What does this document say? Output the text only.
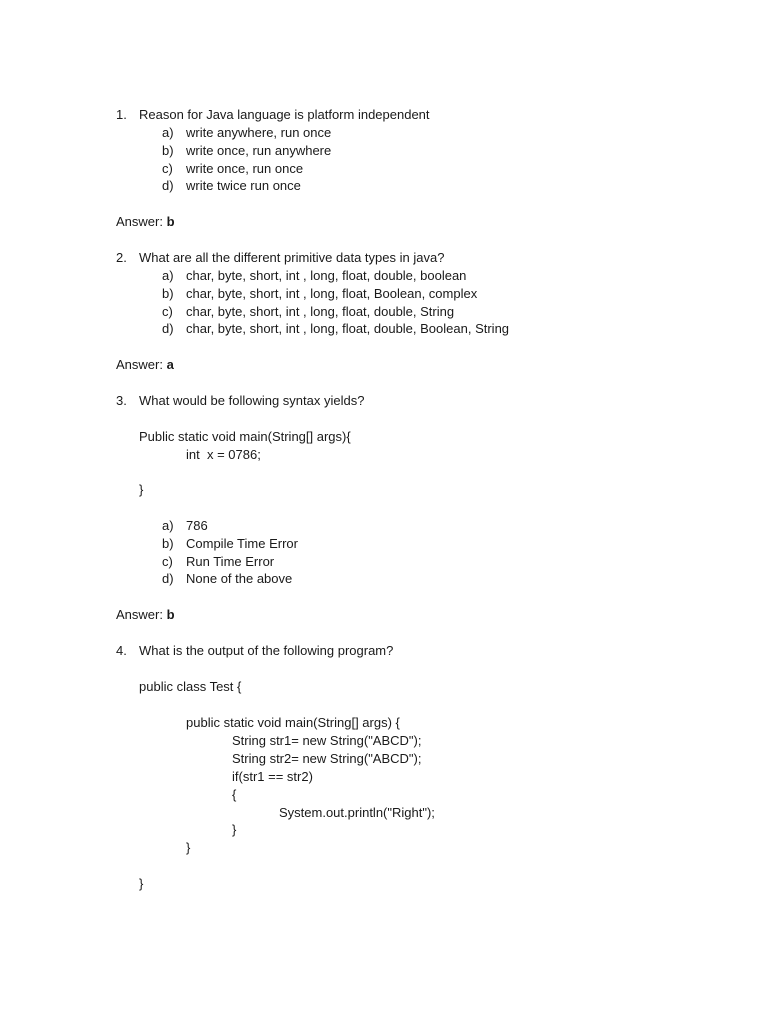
1. Reason for Java language is platform independent
a) write anywhere, run once
b) write once, run anywhere
c) write once, run once
d) write twice run once
Answer: b
2. What are all the different primitive data types in java?
a) char, byte, short, int , long, float, double, boolean
b) char, byte, short, int , long, float, Boolean, complex
c) char, byte, short, int , long, float, double, String
d) char, byte, short, int , long, float, double, Boolean, String
Answer: a
3. What would be following syntax yields?
Public static void main(String[] args){
int  x = 0786;
}
a) 786
b) Compile Time Error
c) Run Time Error
d) None of the above
Answer: b
4. What is the output of the following program?
public class Test {
public static void main(String[] args) {
String str1= new String("ABCD");
String str2= new String("ABCD");
if(str1 == str2)
{
System.out.println("Right");
}
}
}
